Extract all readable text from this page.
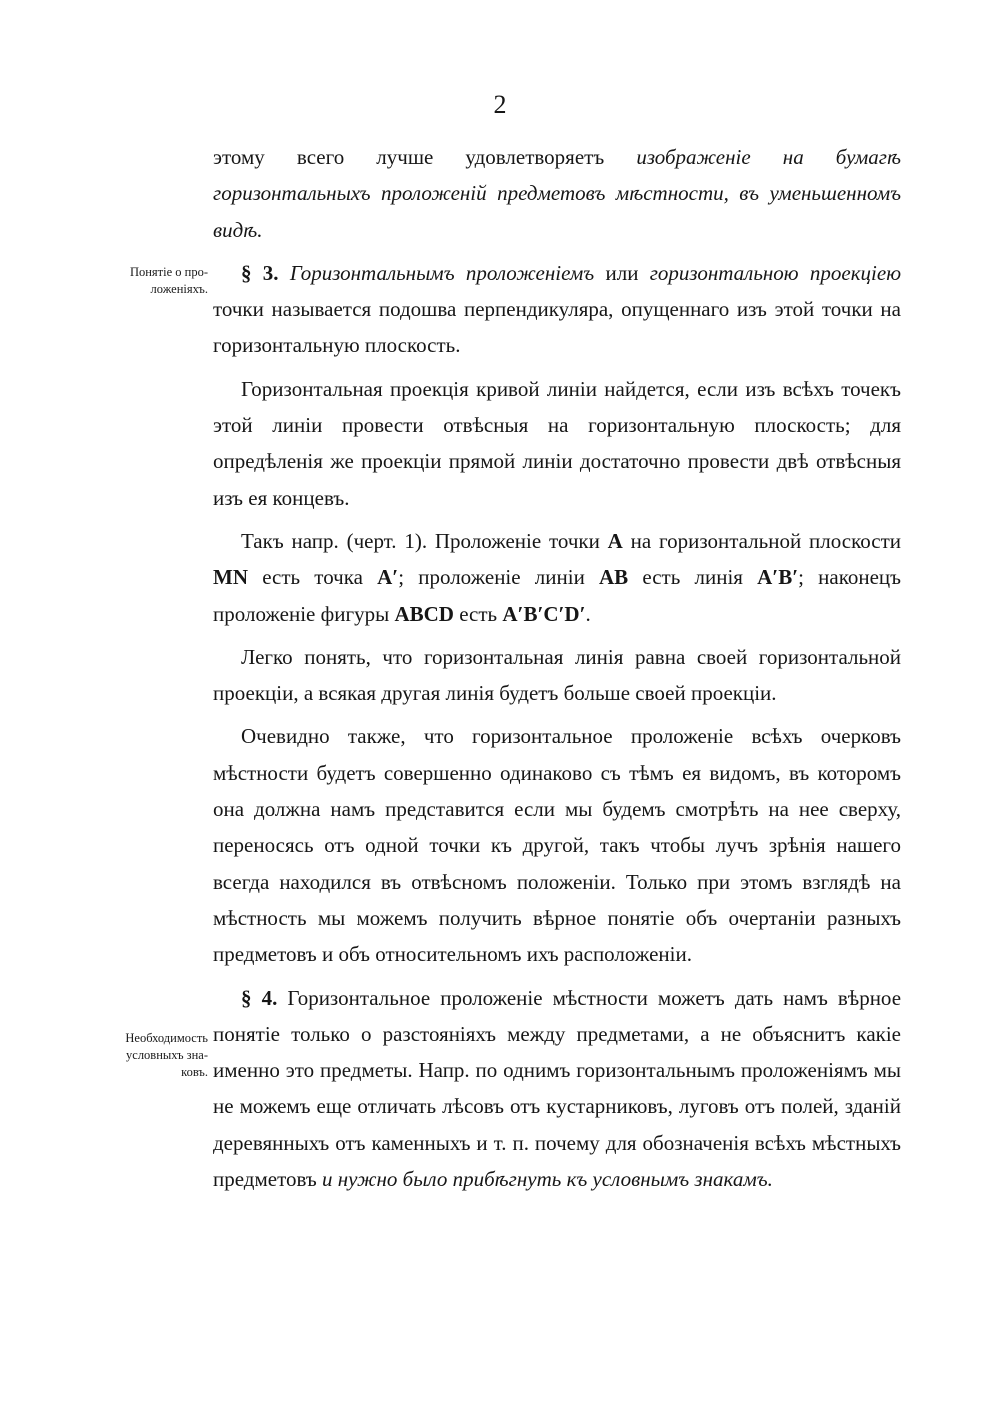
2
Понятіе о про-
ложеніяхъ.
Необходимость
условныхъ зна-
ковъ.

этому всего лучше удовлетворяетъ изображеніе на бумагѣ горизонтальныхъ проложеній предметовъ мѣстности, въ уменьшенномъ видѣ.

§ 3. Горизонтальнымъ проложеніемъ или горизонтальною проекціею точки называется подошва перпендикуляра, опущеннаго изъ этой точки на горизонтальную плоскость.

Горизонтальная проекція кривой линіи найдется, если изъ всѣхъ точекъ этой линіи провести отвѣсныя на горизонтальную плоскость; для опредѣленія же проекціи прямой линіи достаточно провести двѣ отвѣсныя изъ ея концевъ.

Такъ напр. (черт. 1). Проложеніе точки A на горизонтальной плоскости MN есть точка A′; проложеніе линіи AB есть линія A′B′; наконецъ проложеніе фигуры ABCD есть A′B′C′D′.

Легко понять, что горизонтальная линія равна своей горизонтальной проекціи, а всякая другая линія будетъ больше своей проекціи.

Очевидно также, что горизонтальное проложеніе всѣхъ очерковъ мѣстности будетъ совершенно одинаково съ тѣмъ ея видомъ, въ которомъ она должна намъ представится если мы будемъ смотрѣть на нее сверху, переносясь отъ одной точки къ другой, такъ чтобы лучъ зрѣнія нашего всегда находился въ отвѣсномъ положеніи. Только при этомъ взглядѣ на мѣстность мы можемъ получить вѣрное понятіе объ очертаніи разныхъ предметовъ и объ относительномъ ихъ расположеніи.

§ 4. Горизонтальное проложеніе мѣстности можетъ дать намъ вѣрное понятіе только о разстояніяхъ между предметами, а не объяснитъ какіе именно это предметы. Напр. по однимъ горизонтальнымъ проложеніямъ мы не можемъ еще отличать лѣсовъ отъ кустарниковъ, луговъ отъ полей, зданій деревянныхъ отъ каменныхъ и т. п. почему для обозначенія всѣхъ мѣстныхъ предметовъ и нужно было прибѣгнуть къ условнымъ знакамъ.
